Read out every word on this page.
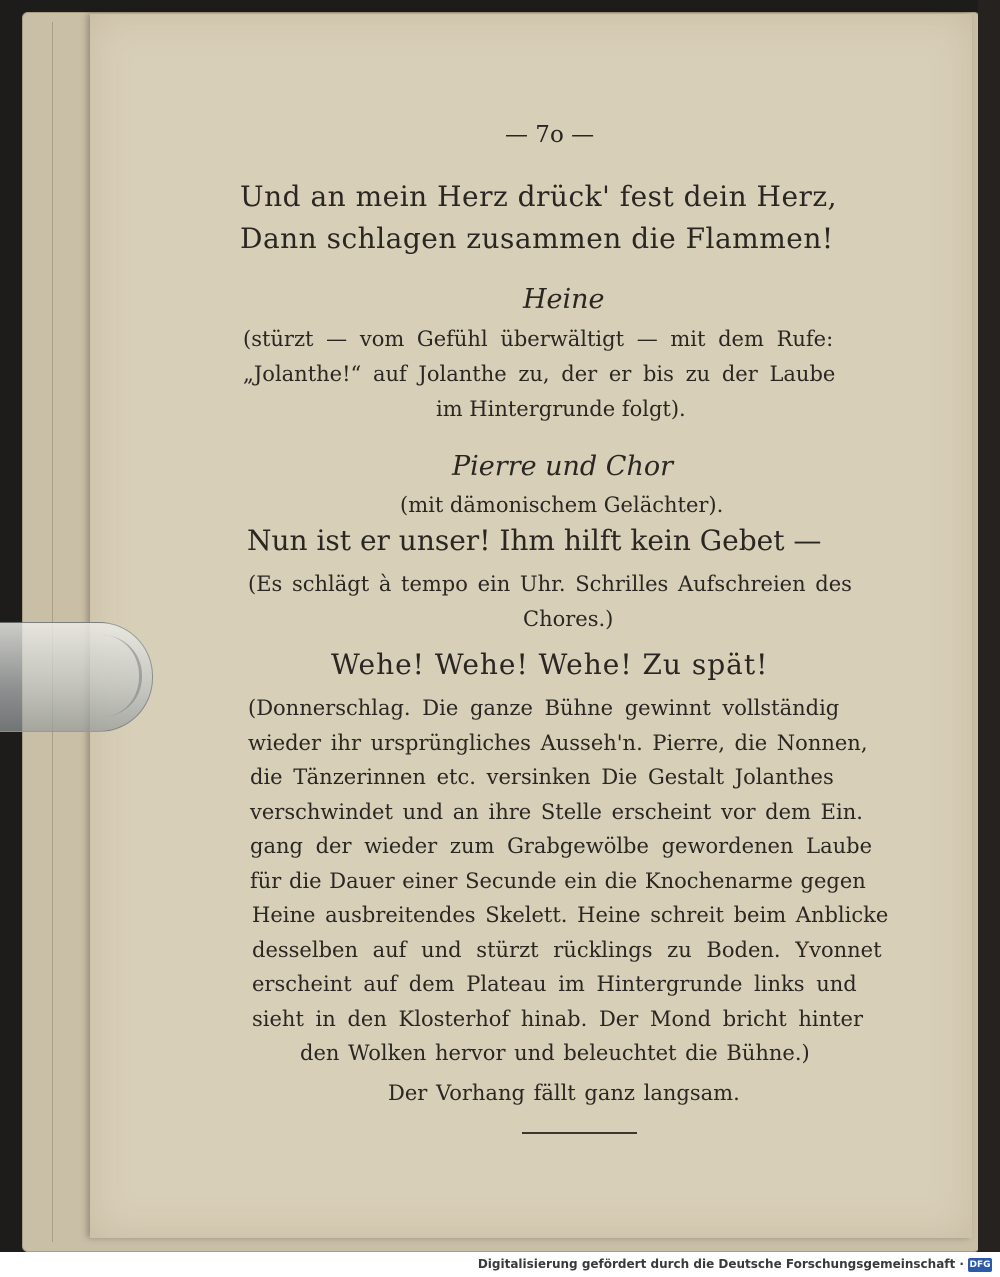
— 7o —
Und an mein Herz drück' fest dein Herz,
Dann schlagen zusammen die Flammen!
Heine
(stürzt — vom Gefühl überwältigt — mit dem Rufe:
„Jolanthe!“ auf Jolanthe zu, der er bis zu der Laube
im Hintergrunde folgt).
Pierre und Chor
(mit dämonischem Gelächter).
Nun ist er unser! Ihm hilft kein Gebet —
(Es schlägt à tempo ein Uhr. Schrilles Aufschreien des
Chores.)
Wehe! Wehe! Wehe! Zu spät!
(Donnerschlag. Die ganze Bühne gewinnt vollständig
wieder ihr ursprüngliches Ausseh'n. Pierre, die Nonnen,
die Tänzerinnen etc. versinken Die Gestalt Jolanthes
verschwindet und an ihre Stelle erscheint vor dem Ein.
gang der wieder zum Grabgewölbe gewordenen Laube
für die Dauer einer Secunde ein die Knochenarme gegen
Heine ausbreitendes Skelett. Heine schreit beim Anblicke
desselben auf und stürzt rücklings zu Boden. Yvonnet
erscheint auf dem Plateau im Hintergrunde links und
sieht in den Klosterhof hinab. Der Mond bricht hinter
den Wolken hervor und beleuchtet die Bühne.)
Der Vorhang fällt ganz langsam.
Digitalisierung gefördert durch die Deutsche Forschungsgemeinschaft · DFG
